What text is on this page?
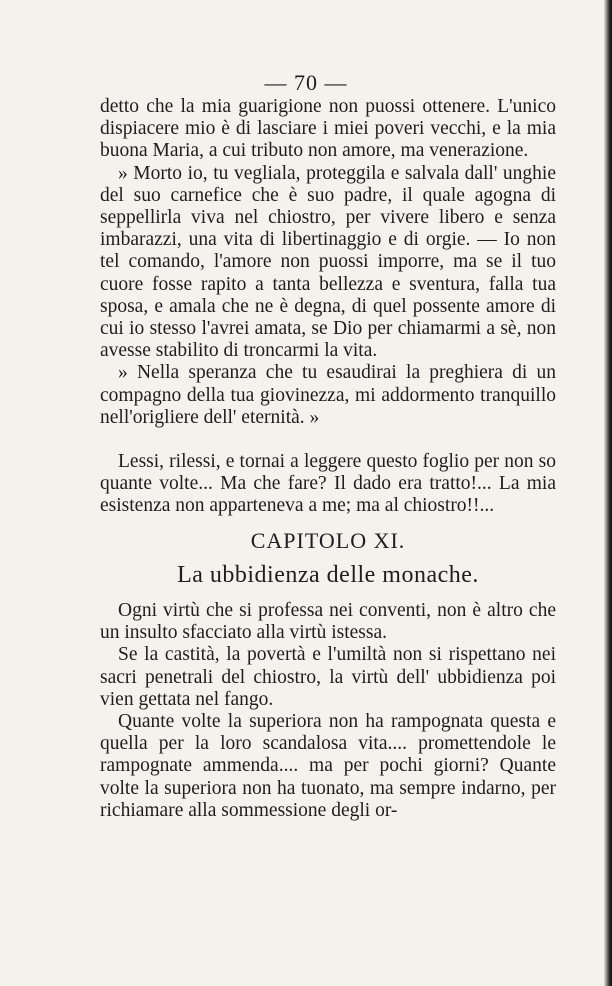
— 70 —

detto che la mia guarigione non puossi ottenere. L'unico dispiacere mio è di lasciare i miei poveri vecchi, e la mia buona Maria, a cui tributo non amore, ma venerazione.

» Morto io, tu vegliala, proteggila e salvala dall' unghie del suo carnefice che è suo padre, il quale agogna di seppellirla viva nel chiostro, per vivere libero e senza imbarazzi, una vita di libertinaggio e di orgie. — Io non tel comando, l'amore non puossi imporre, ma se il tuo cuore fosse rapito a tanta bellezza e sventura, falla tua sposa, e amala che ne è degna, di quel possente amore di cui io stesso l'avrei amata, se Dio per chiamarmi a sè, non avesse stabilito di troncarmi la vita.

» Nella speranza che tu esaudirai la preghiera di un compagno della tua giovinezza, mi addormento tranquillo nell'origliere dell' eternità. »

Lessi, rilessi, e tornai a leggere questo foglio per non so quante volte... Ma che fare? Il dado era tratto!... La mia esistenza non apparteneva a me; ma al chiostro!!...

CAPITOLO XI.
La ubbidienza delle monache.

Ogni virtù che si professa nei conventi, non è altro che un insulto sfacciato alla virtù istessa.

Se la castità, la povertà e l'umiltà non si rispettano nei sacri penetrali del chiostro, la virtù dell' ubbidienza poi vien gettata nel fango.

Quante volte la superiora non ha rampognata questa e quella per la loro scandalosa vita.... promettendole le rampognate ammenda.... ma per pochi giorni? Quante volte la superiora non ha tuonato, ma sempre indarno, per richiamare alla sommessione degli or-
